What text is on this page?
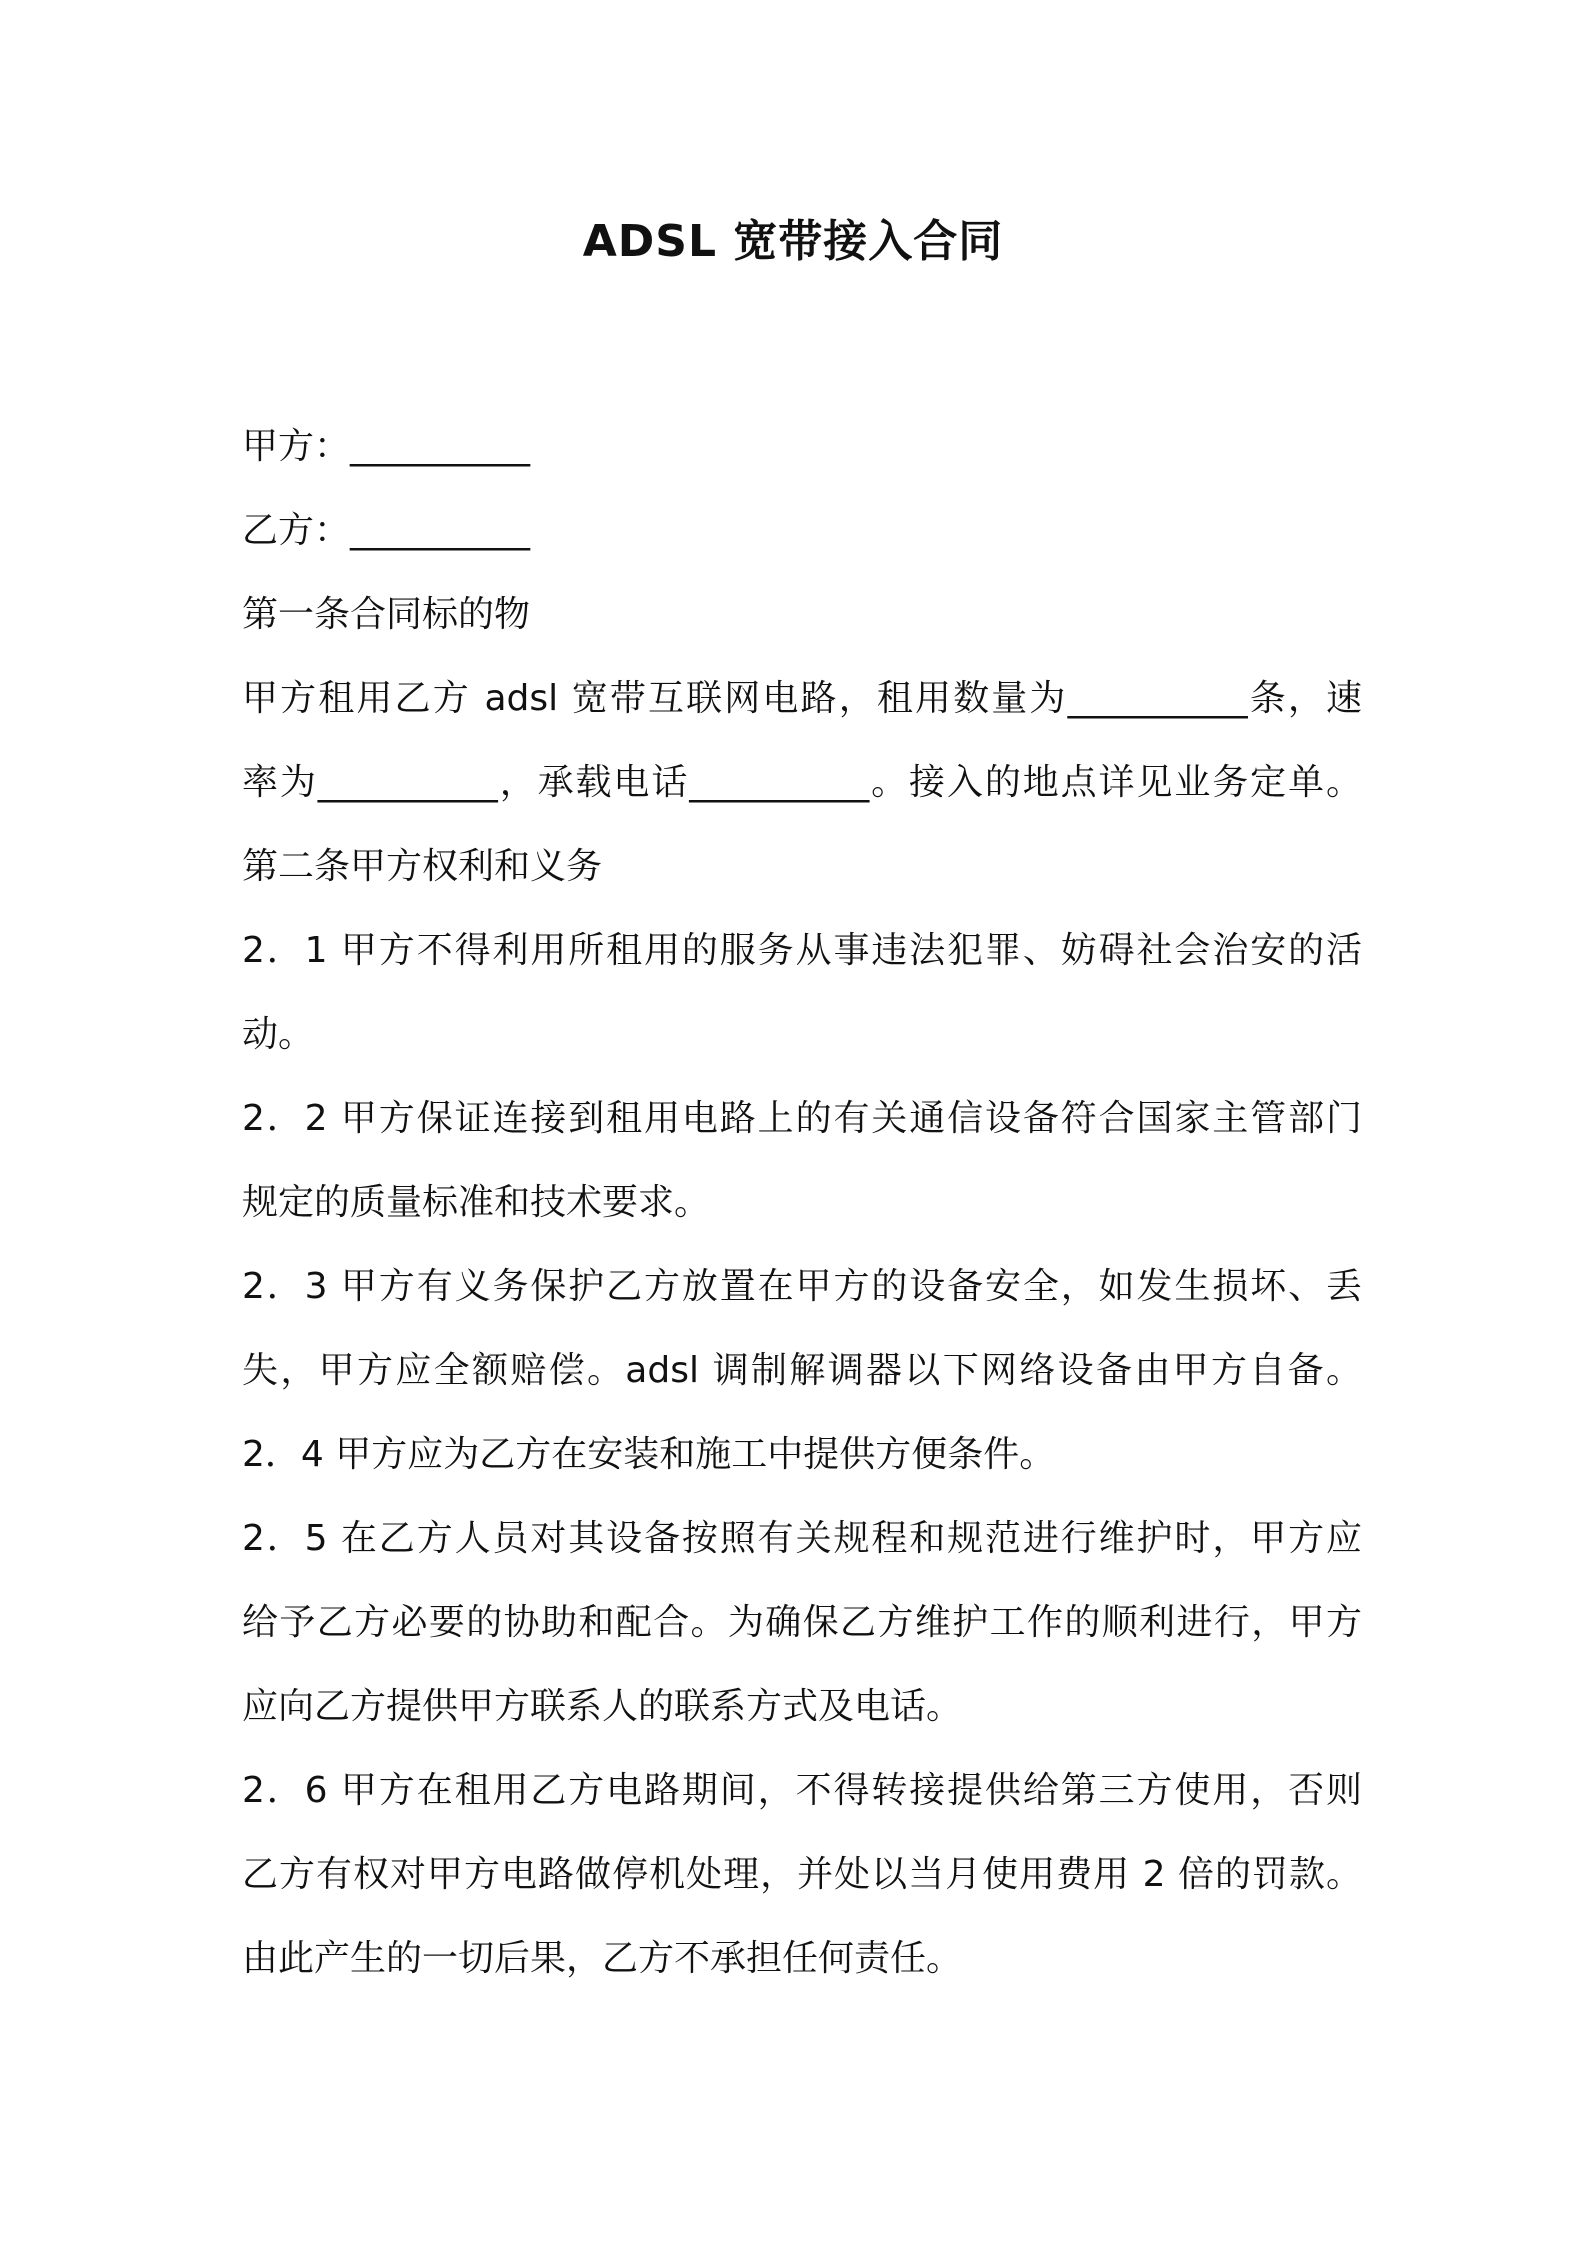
ADSL 宽带接入合同

甲方：__________

乙方：__________

第一条合同标的物

甲方租用乙方 adsl 宽带互联网电路，租用数量为__________条，速

率为__________，承载电话__________。接入的地点详见业务定单。

第二条甲方权利和义务

2．1 甲方不得利用所租用的服务从事违法犯罪、妨碍社会治安的活

动。

2．2 甲方保证连接到租用电路上的有关通信设备符合国家主管部门

规定的质量标准和技术要求。

2．3 甲方有义务保护乙方放置在甲方的设备安全，如发生损坏、丢

失，甲方应全额赔偿。adsl 调制解调器以下网络设备由甲方自备。

2．4 甲方应为乙方在安装和施工中提供方便条件。

2．5 在乙方人员对其设备按照有关规程和规范进行维护时，甲方应

给予乙方必要的协助和配合。为确保乙方维护工作的顺利进行，甲方

应向乙方提供甲方联系人的联系方式及电话。

2．6 甲方在租用乙方电路期间，不得转接提供给第三方使用，否则

乙方有权对甲方电路做停机处理，并处以当月使用费用 2 倍的罚款。

由此产生的一切后果，乙方不承担任何责任。
